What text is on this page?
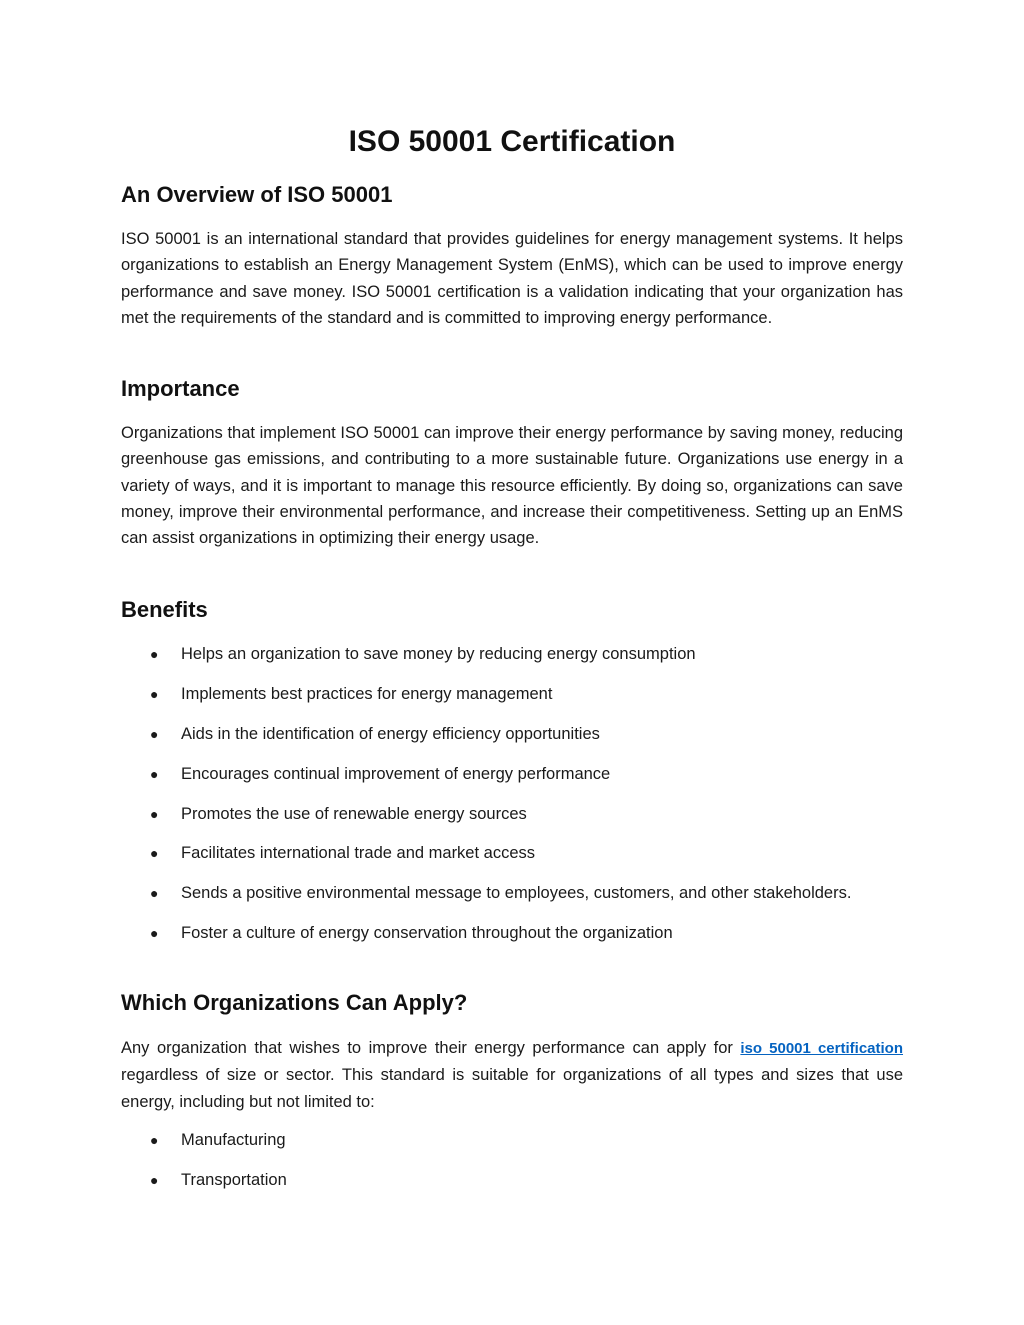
ISO 50001 Certification
An Overview of ISO 50001

ISO 50001 is an international standard that provides guidelines for energy management systems. It helps organizations to establish an Energy Management System (EnMS), which can be used to improve energy performance and save money. ISO 50001 certification is a validation indicating that your organization has met the requirements of the standard and is committed to improving energy performance.

Importance

Organizations that implement ISO 50001 can improve their energy performance by saving money, reducing greenhouse gas emissions, and contributing to a more sustainable future. Organizations use energy in a variety of ways, and it is important to manage this resource efficiently. By doing so, organizations can save money, improve their environmental performance, and increase their competitiveness. Setting up an EnMS can assist organizations in optimizing their energy usage.

Benefits
● Helps an organization to save money by reducing energy consumption
● Implements best practices for energy management
● Aids in the identification of energy efficiency opportunities
● Encourages continual improvement of energy performance
● Promotes the use of renewable energy sources
● Facilitates international trade and market access
● Sends a positive environmental message to employees, customers, and other stakeholders.
● Foster a culture of energy conservation throughout the organization
Which Organizations Can Apply?

Any organization that wishes to improve their energy performance can apply for iso 50001 certification regardless of size or sector. This standard is suitable for organizations of all types and sizes that use energy, including but not limited to:

● Manufacturing
● Transportation
